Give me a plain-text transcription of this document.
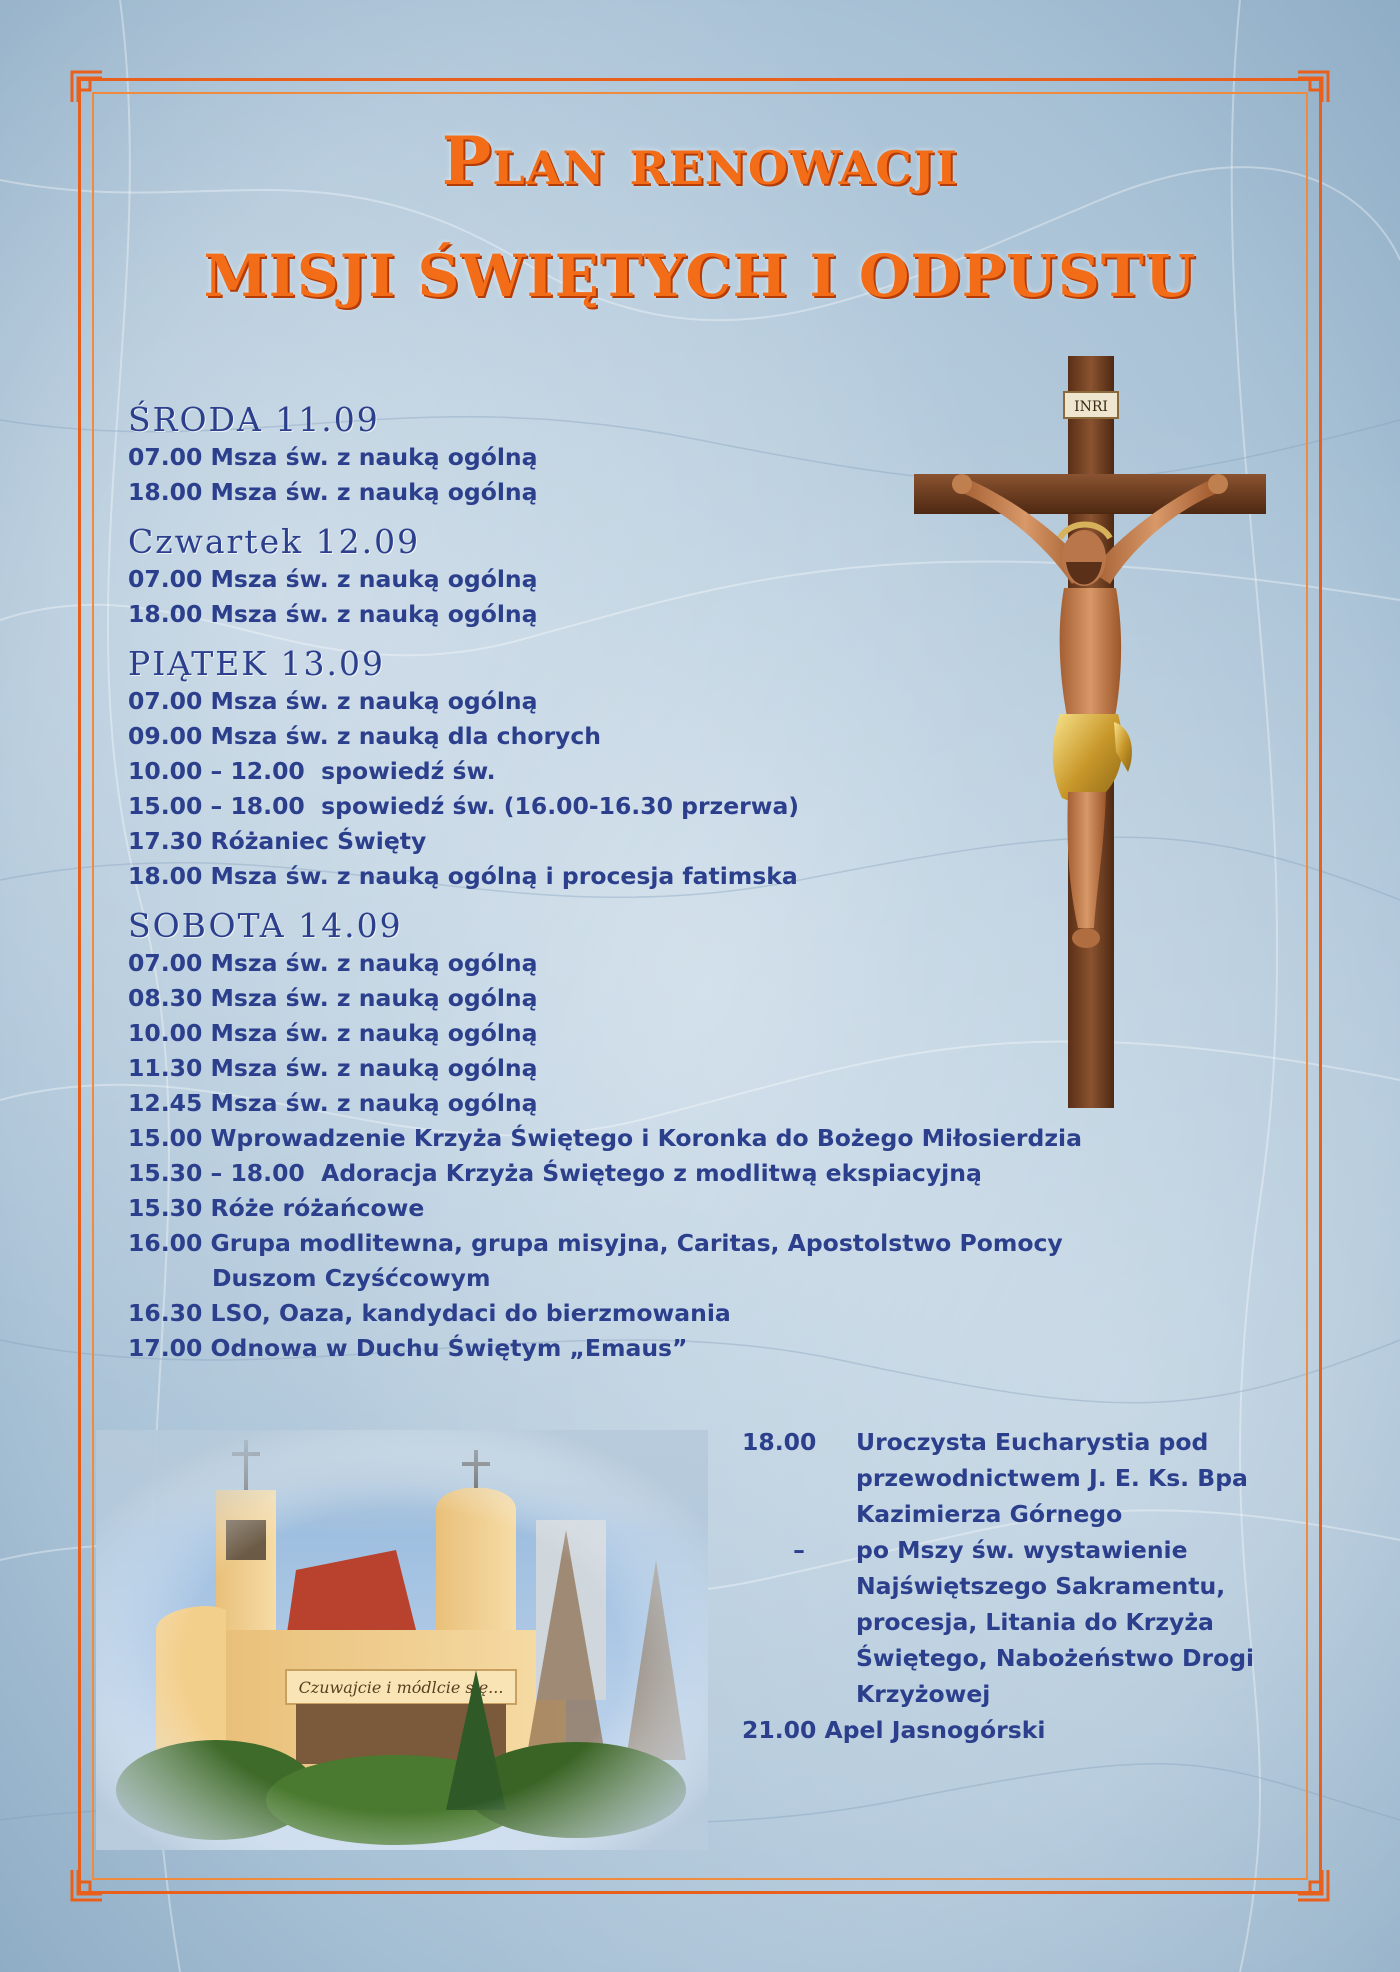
Plan renowacji
MISJI ŚWIĘTYCH I ODPUSTU
ŚRODA 11.09
07.00 Msza św. z nauką ogólną
18.00 Msza św. z nauką ogólną
Czwartek 12.09
07.00 Msza św. z nauką ogólną
18.00 Msza św. z nauką ogólną
PIĄTEK 13.09
07.00 Msza św. z nauką ogólną
09.00 Msza św. z nauką dla chorych
10.00 – 12.00  spowiedź św.
15.00 – 18.00  spowiedź św. (16.00-16.30 przerwa)
17.30 Różaniec Święty
18.00 Msza św. z nauką ogólną i procesja fatimska
SOBOTA 14.09
07.00 Msza św. z nauką ogólną
08.30 Msza św. z nauką ogólną
10.00 Msza św. z nauką ogólną
11.30 Msza św. z nauką ogólną
12.45 Msza św. z nauką ogólną
15.00 Wprowadzenie Krzyża Świętego i Koronka do Bożego Miłosierdzia
15.30 – 18.00  Adoracja Krzyża Świętego z modlitwą ekspiacyjną
15.30 Róże różańcowe
16.00 Grupa modlitewna, grupa misyjna, Caritas, Apostolstwo Pomocy
Duszom Czyśćcowym
16.30 LSO, Oaza, kandydaci do bierzmowania
17.00 Odnowa w Duchu Świętym „Emaus”
18.00	Uroczysta Eucharystia pod
przewodnictwem J. E. Ks. Bpa
Kazimierza Górnego
–	po Mszy św. wystawienie
Najświętszego Sakramentu,
procesja, Litania do Krzyża
Świętego, Nabożeństwo Drogi
Krzyżowej
21.00 Apel Jasnogórski
INRI
